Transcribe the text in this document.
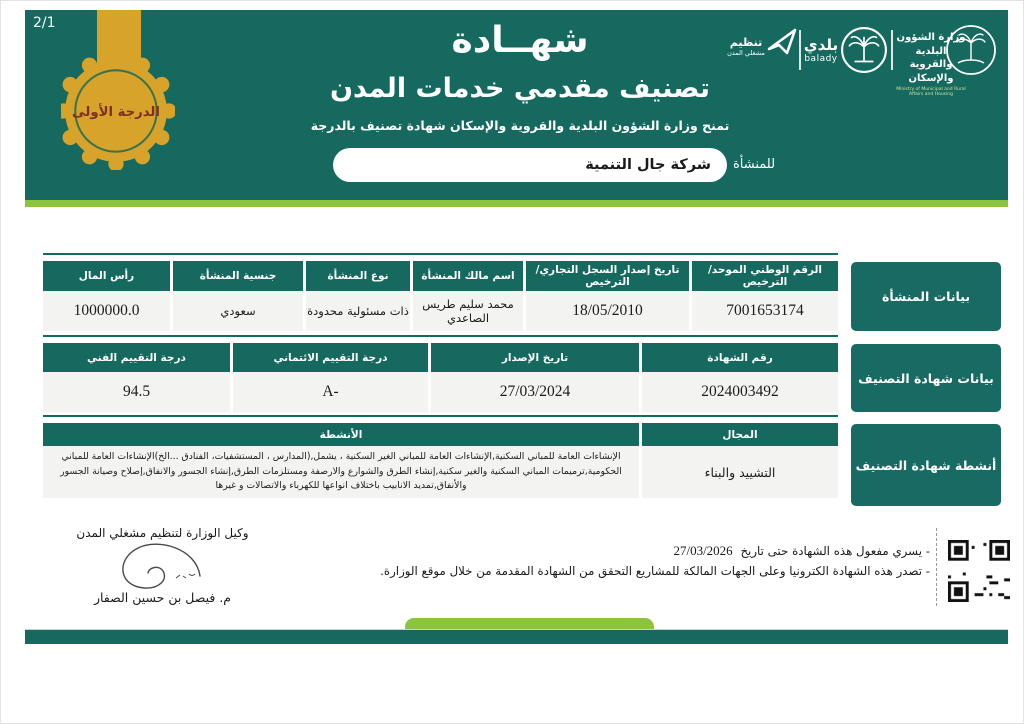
2/1
الدرجة الأولى
شهــادة
تصنيف مقدمي خدمات المدن
تمنح وزارة الشؤون البلدية والقروية والإسكان شهادة تصنيف بالدرجة
للمنشأة
شركة جال التنمية
تنظيم
مشغلي المدن	بلدي
balady
وزارة الشؤون البلدية
والقروية والإسكان
Ministry of Municipal and Rural Affairs and Housing
الرقم الوطني الموحد/ الترخيص
7001653174
تاريخ إصدار السجل التجاري/ الترخيص
18/05/2010
اسم مالك المنشأة
محمد سليم طريس الصاعدي
نوع المنشأة
ذات مسئولية محدودة
جنسية المنشأة
سعودي
رأس المال
1000000.0
بيانات المنشأة
رقم الشهادة
2024003492
تاريخ الإصدار
27/03/2024
درجة التقييم الائتماني
A-
درجة التقييم الفني
94.5
بيانات شهادة التصنيف
المجال
التشييد والبناء
الأنشطة
الإنشاءات العامة للمباني السكنية,الإنشاءات العامة للمباني الغير السكنية ، يشمل,(المدارس ، المستشفيات، الفنادق ...الخ)الإنشاءات العامة للمباني الحكومية,ترميمات المباني السكنية والغير سكنية,إنشاء الطرق والشوارع والارصفة ومستلزمات الطرق,إنشاء الجسور والانفاق,إصلاح وصيانة الجسور والأنفاق,تمديد الانابيب باختلاف انواعها للكهرباء والاتصالات و غيرها
أنشطة شهادة التصنيف
- يسري مفعول هذه الشهادة حتى تاريخ 27/03/2026
- تصدر هذه الشهادة الكترونيا وعلى الجهات المالكة للمشاريع التحقق من الشهادة المقدمة من خلال موقع الوزارة.
وكيل الوزارة لتنظيم مشغلي المدن
م. فيصل بن حسين الصفار
